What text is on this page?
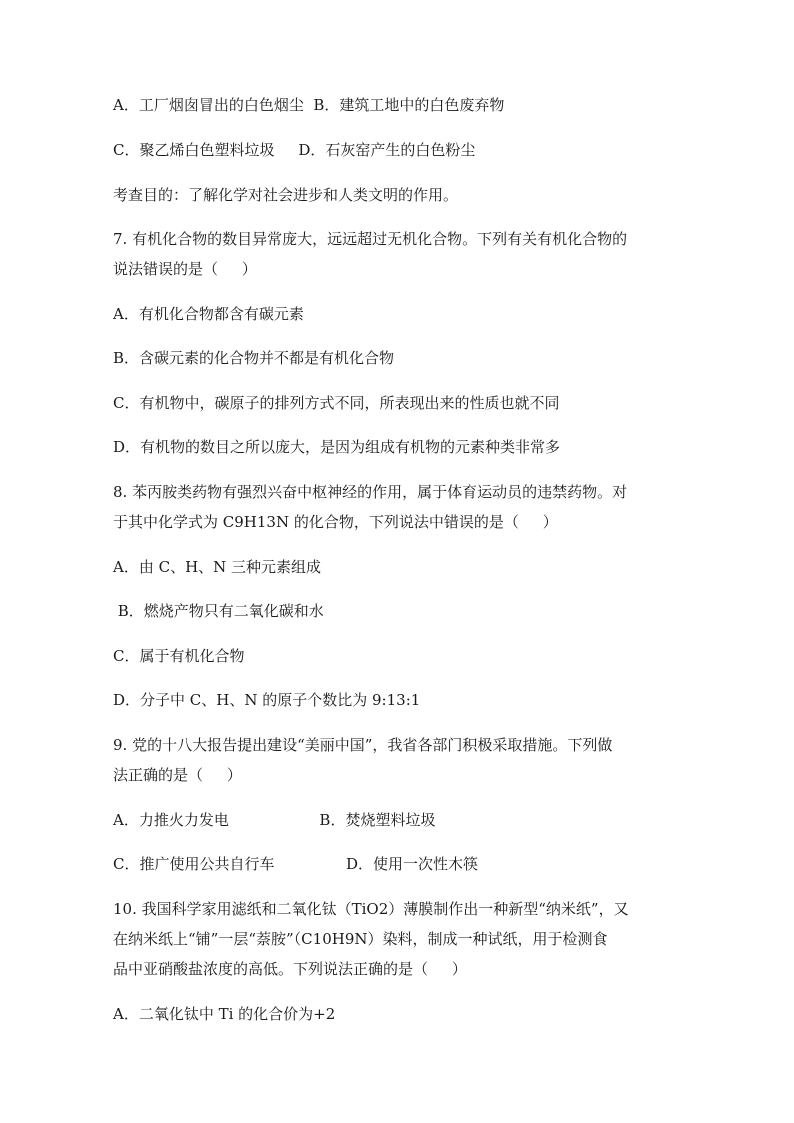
A．工厂烟囱冒出的白色烟尘  B．建筑工地中的白色废弃物
C．聚乙烯白色塑料垃圾     D．石灰窑产生的白色粉尘
考查目的：了解化学对社会进步和人类文明的作用。
7. 有机化合物的数目异常庞大，远远超过无机化合物。下列有关有机化合物的
说法错误的是（     ）
A．有机化合物都含有碳元素
B．含碳元素的化合物并不都是有机化合物
C．有机物中，碳原子的排列方式不同，所表现出来的性质也就不同
D．有机物的数目之所以庞大，是因为组成有机物的元素种类非常多
8. 苯丙胺类药物有强烈兴奋中枢神经的作用，属于体育运动员的违禁药物。对
于其中化学式为 C9H13N 的化合物，下列说法中错误的是（     ）
A．由 C、H、N 三种元素组成
B．燃烧产物只有二氧化碳和水
C．属于有机化合物
D．分子中 C、H、N 的原子个数比为 9:13:1
9. 党的十八大报告提出建设“美丽中国”，我省各部门积极采取措施。下列做
法正确的是（     ）
A．力推火力发电                   B．焚烧塑料垃圾
C．推广使用公共自行车               D．使用一次性木筷
10. 我国科学家用滤纸和二氧化钛（TiO2）薄膜制作出一种新型“纳米纸”，又
在纳米纸上“铺”一层“萘胺”（C10H9N）染料，制成一种试纸，用于检测食
品中亚硝酸盐浓度的高低。下列说法正确的是（     ）
A．二氧化钛中 Ti 的化合价为+2
